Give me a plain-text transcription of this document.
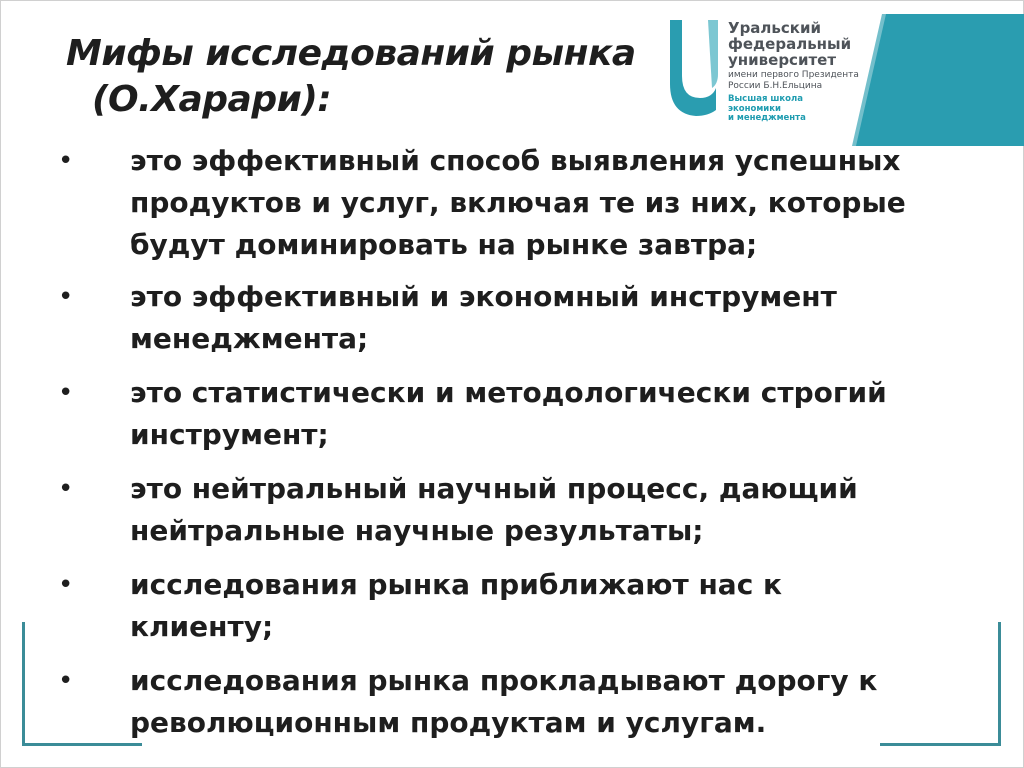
Мифы исследований рынка
(О.Харари):

Уральский

федеральный

университет

имени первого Президента

России Б.Н.Ельцина

Высшая школа

экономики

и менеджмента

• это эффективный способ выявления успешных
продуктов и услуг, включая те из них, которые
будут доминировать на рынке завтра;
• это эффективный и экономный инструмент
менеджмента;
• это статистически и методологически строгий
инструмент;
• это нейтральный научный процесс, дающий
нейтральные научные результаты;
• исследования рынка приближают нас к
клиенту;
• исследования рынка прокладывают дорогу к
революционным продуктам и услугам.
